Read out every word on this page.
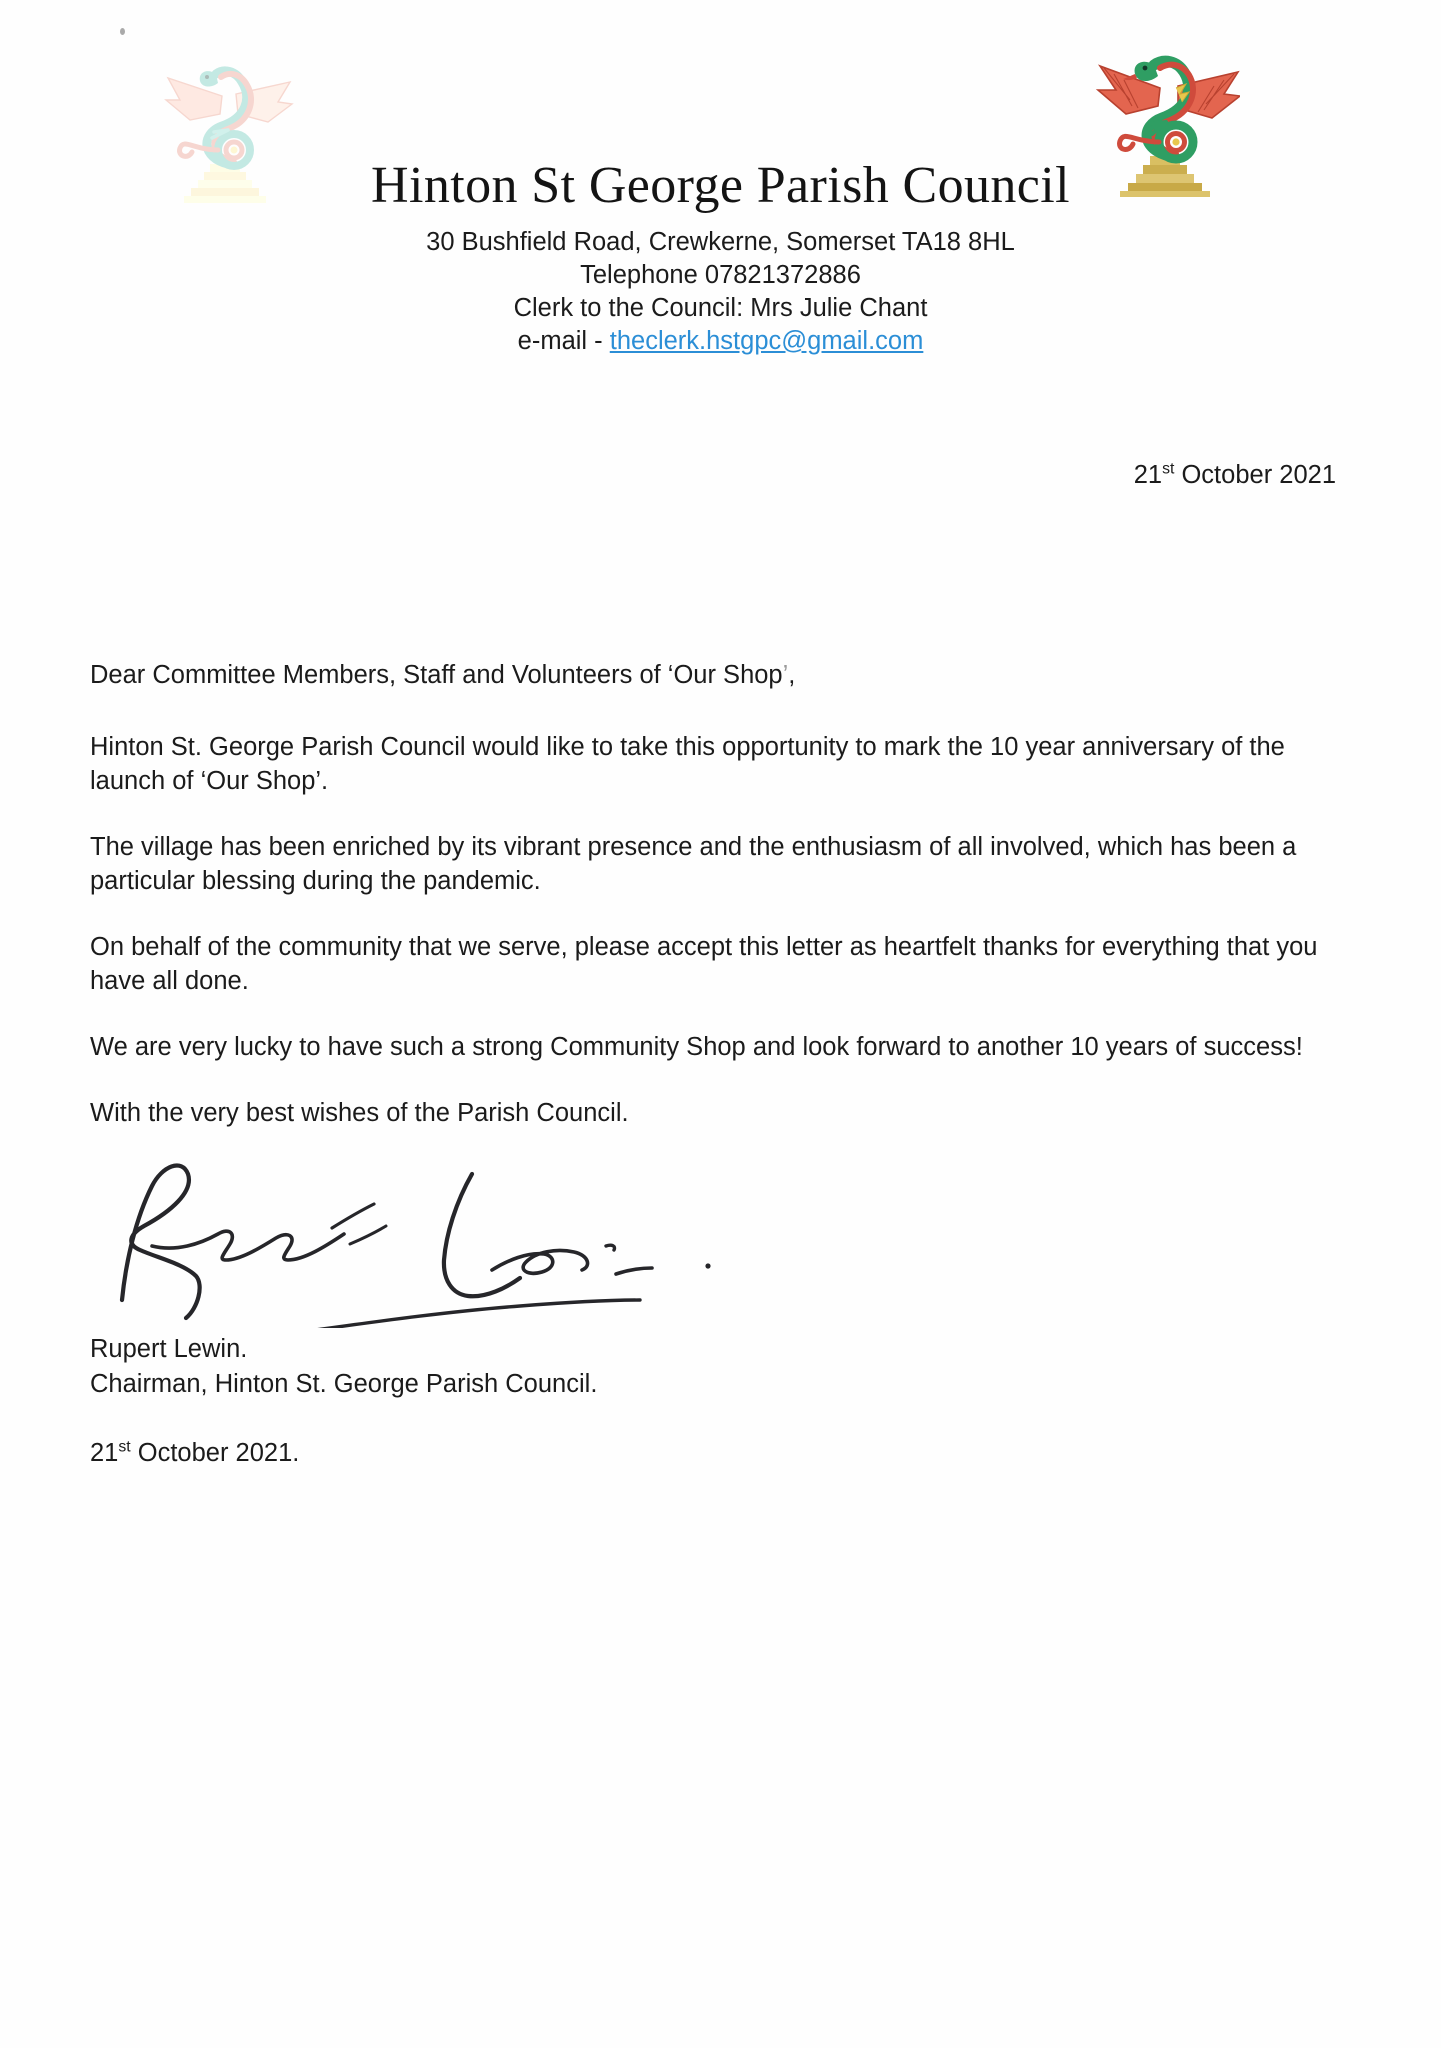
Hinton St George Parish Council
30 Bushfield Road, Crewkerne, Somerset TA18 8HL
Telephone 07821372886
Clerk to the Council: Mrs Julie Chant
e-mail - theclerk.hstgpc@gmail.com
21st October 2021

Dear Committee Members, Staff and Volunteers of ‘Our Shop’,

Hinton St. George Parish Council would like to take this opportunity to mark the 10 year anniversary of the launch of ‘Our Shop’.

The village has been enriched by its vibrant presence and the enthusiasm of all involved, which has been a particular blessing during the pandemic.

On behalf of the community that we serve, please accept this letter as heartfelt thanks for everything that you have all done.

We are very lucky to have such a strong Community Shop and look forward to another 10 years of success!

With the very best wishes of the Parish Council.

Rupert Lewin.
Chairman, Hinton St. George Parish Council.
21st October 2021.
